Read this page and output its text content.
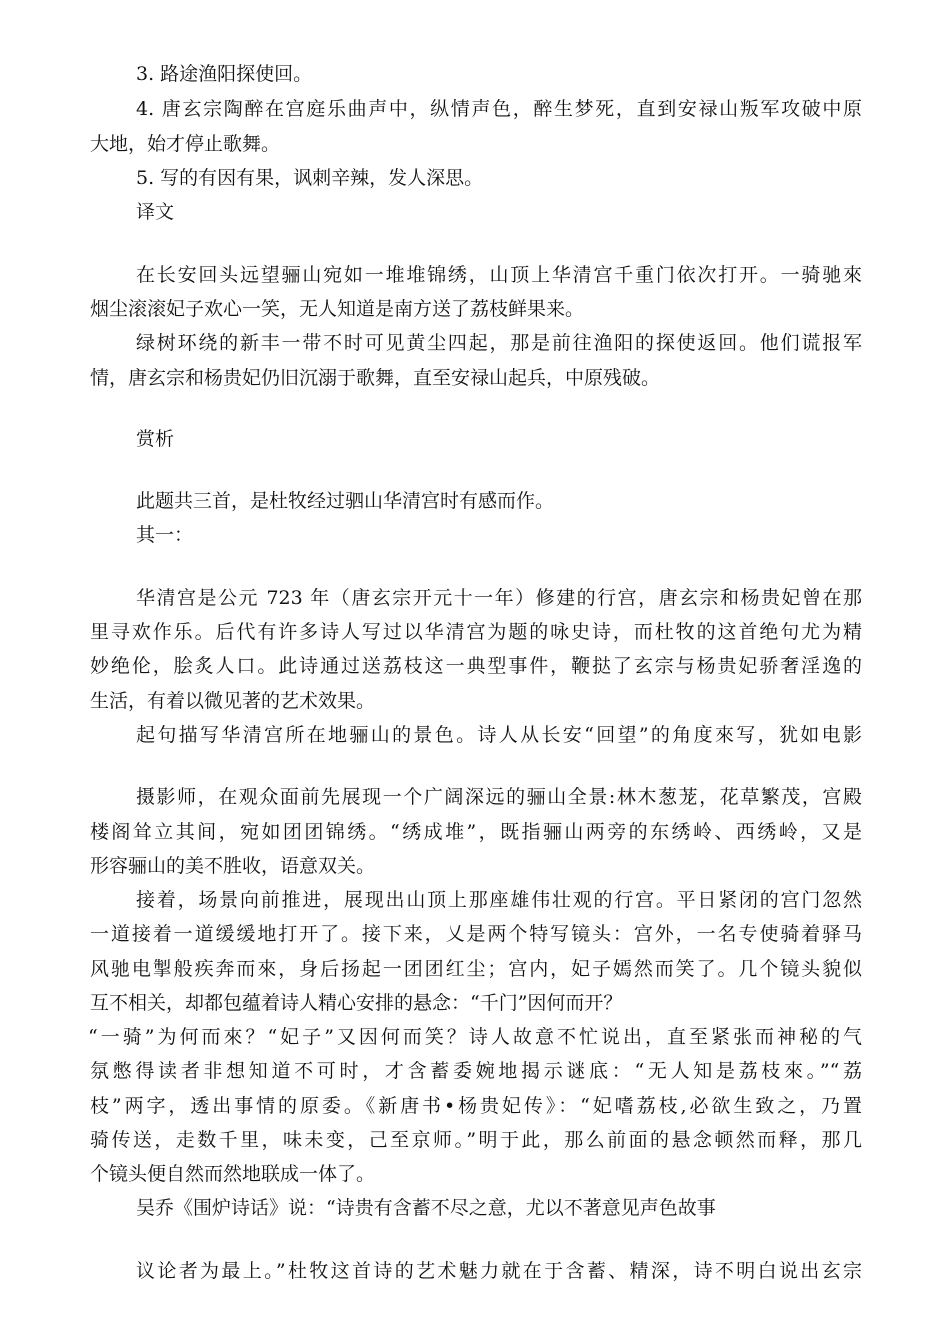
3. 路途渔阳探使回。
4. 唐玄宗陶醉在宫庭乐曲声中，纵情声色，醉生梦死，直到安禄山叛军攻破中原
大地，始才停止歌舞。
5. 写的有因有果，讽刺辛辣，发人深思。
译文
在长安回头远望骊山宛如一堆堆锦绣，山顶上华清宫千重门依次打开。一骑驰來
烟尘滚滚妃子欢心一笑，无人知道是南方送了荔枝鲜果来。
绿树环绕的新丰一带不时可见黄尘四起，那是前往渔阳的探使返回。他们谎报军
情，唐玄宗和杨贵妃仍旧沉溺于歌舞，直至安禄山起兵，中原残破。
赏析
此题共三首，是杜牧经过驷山华清宫时有感而作。
其一：
华清宫是公元 723 年（唐玄宗开元十一年）修建的行宫，唐玄宗和杨贵妃曾在那
里寻欢作乐。后代有许多诗人写过以华清宫为题的咏史诗，而杜牧的这首绝句尤为精
妙绝伦，脍炙人口。此诗通过送荔枝这一典型事件，鞭挞了玄宗与杨贵妃骄奢淫逸的
生活，有着以微见著的艺术效果。
起句描写华清宫所在地骊山的景色。诗人从长安“回望”的角度來写，犹如电影
摄影师，在观众面前先展现一个广阔深远的骊山全景:林木葱茏，花草繁茂，宫殿
楼阁耸立其间，宛如团团锦绣。“绣成堆”，既指骊山两旁的东绣岭、西绣岭，又是
形容骊山的美不胜收，语意双关。
接着，场景向前推进，展现出山顶上那座雄伟壮观的行宫。平日紧闭的宫门忽然
一道接着一道缓缓地打开了。接下来，乂是两个特写镜头：宫外，一名专使骑着驿马
风驰电掣般疾奔而來，身后扬起一团团红尘；宫内，妃子嫣然而笑了。几个镜头貌似
互不相关，却都包蕴着诗人精心安排的悬念：“千门”因何而开？
“一骑”为何而來？“妃子”又因何而笑？诗人故意不忙说出，直至紧张而神秘的气
氛憋得读者非想知道不可时，才含蓄委婉地揭示谜底：“无人知是荔枝來。”“荔
枝”两字，透出事情的原委。《新唐书•杨贵妃传》：“妃嗜荔枝,必欲生致之，乃置
骑传送，走数千里，味未变，己至京师。”明于此，那么前面的悬念顿然而释，那几
个镜头便自然而然地联成一体了。
吴乔《围炉诗话》说：“诗贵有含蓄不尽之意，尤以不著意见声色故事
议论者为最上。”杜牧这首诗的艺术魅力就在于含蓄、精深，诗不明白说出玄宗
